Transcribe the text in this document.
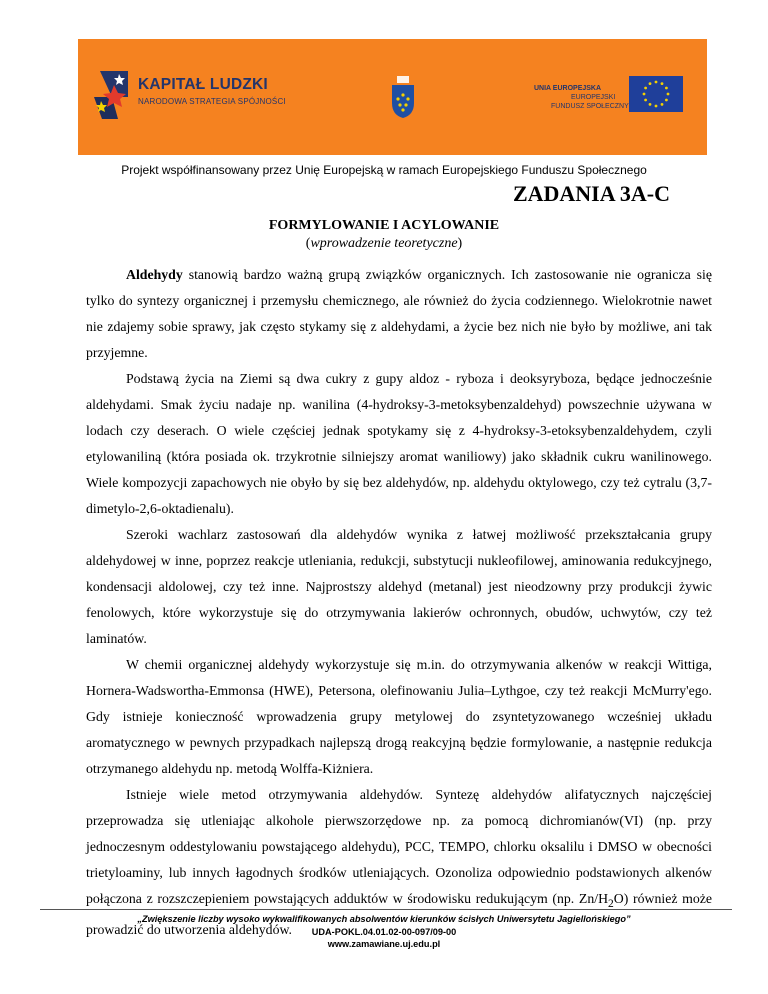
KAPITAŁ LUDZKI
NARODOWA STRATEGIA SPÓJNOŚCI
UNIA EUROPEJSKA
EUROPEJSKI
FUNDUSZ SPOŁECZNY
Projekt współfinansowany przez Unię Europejską w ramach Europejskiego Funduszu Społecznego
ZADANIA 3A-C
FORMYLOWANIE I ACYLOWANIE
(wprowadzenie teoretyczne)

Aldehydy stanowią bardzo ważną grupą związków organicznych. Ich zastosowanie nie ogranicza się tylko do syntezy organicznej i przemysłu chemicznego, ale również do życia codziennego. Wielokrotnie nawet nie zdajemy sobie sprawy, jak często stykamy się z aldehydami, a życie bez nich nie było by możliwe, ani tak przyjemne.

Podstawą życia na Ziemi są dwa cukry z gupy aldoz - ryboza i deoksyryboza, będące jednocześnie aldehydami. Smak życiu nadaje np. wanilina (4-hydroksy-3-metoksybenzaldehyd) powszechnie używana w lodach czy deserach. O wiele częściej jednak spotykamy się z 4-hydroksy-3-etoksybenzaldehydem, czyli etylowaniliną (która posiada ok. trzykrotnie silniejszy aromat waniliowy) jako składnik cukru wanilinowego. Wiele kompozycji zapachowych nie obyło by się bez aldehydów, np. aldehydu oktylowego, czy też cytralu (3,7-dimetylo-2,6-oktadienalu).

Szeroki wachlarz zastosowań dla aldehydów wynika z łatwej możliwość przekształcania grupy aldehydowej w inne, poprzez reakcje utleniania, redukcji, substytucji nukleofilowej, aminowania redukcyjnego, kondensacji aldolowej, czy też inne. Najprostszy aldehyd (metanal) jest nieodzowny przy produkcji żywic fenolowych, które wykorzystuje się do otrzymywania lakierów ochronnych, obudów, uchwytów, czy też laminatów.

W chemii organicznej aldehydy wykorzystuje się m.in. do otrzymywania alkenów w reakcji Wittiga, Hornera-Wadswortha-Emmonsa (HWE), Petersona, olefinowaniu Julia–Lythgoe, czy też reakcji McMurry'ego. Gdy istnieje konieczność wprowadzenia grupy metylowej do zsyntetyzowanego wcześniej układu aromatycznego w pewnych przypadkach najlepszą drogą reakcyjną będzie formylowanie, a następnie redukcja otrzymanego aldehydu np. metodą Wolffa-Kiżniera.

Istnieje wiele metod otrzymywania aldehydów. Syntezę aldehydów alifatycznych najczęściej przeprowadza się utleniając alkohole pierwszorzędowe np. za pomocą dichromianów(VI) (np. przy jednoczesnym oddestylowaniu powstającego aldehydu), PCC, TEMPO, chlorku oksalilu i DMSO w obecności trietyloaminy, lub innych łagodnych środków utleniających. Ozonoliza odpowiednio podstawionych alkenów połączona z rozszczepieniem powstających adduktów w środowisku redukującym (np. $Zn/H_2O$) również może prowadzić do utworzenia aldehydów.

„Zwiększenie liczby wysoko wykwalifikowanych absolwentów kierunków ścisłych Uniwersytetu Jagiellońskiego”
UDA-POKL.04.01.02-00-097/09-00
www.zamawiane.uj.edu.pl
